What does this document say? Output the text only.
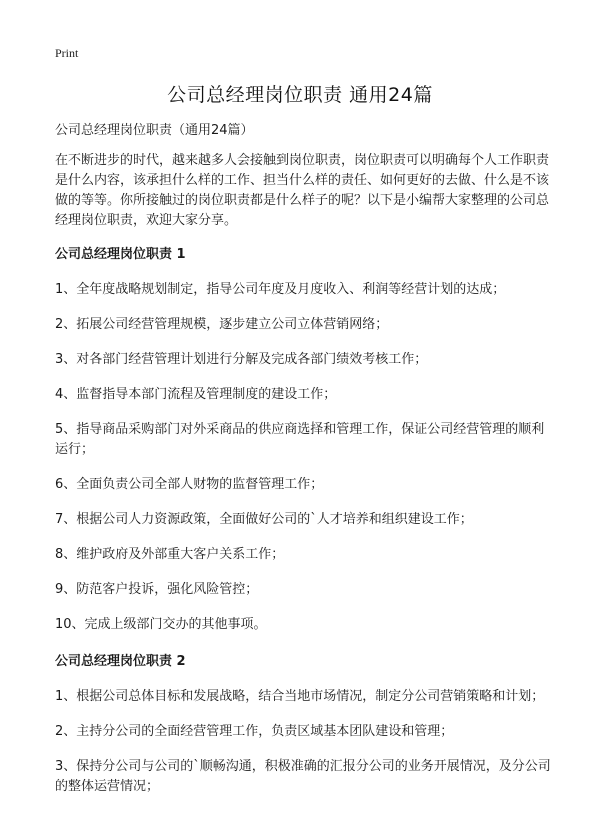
Print
公司总经理岗位职责 通用24篇

公司总经理岗位职责（通用24篇）

在不断进步的时代，越来越多人会接触到岗位职责，岗位职责可以明确每个人工作职责是什么内容，该承担什么样的工作、担当什么样的责任、如何更好的去做、什么是不该做的等等。你所接触过的岗位职责都是什么样子的呢？以下是小编帮大家整理的公司总经理岗位职责，欢迎大家分享。

公司总经理岗位职责 1

1、全年度战略规划制定，指导公司年度及月度收入、利润等经营计划的达成；

2、拓展公司经营管理规模，逐步建立公司立体营销网络；

3、对各部门经营管理计划进行分解及完成各部门绩效考核工作；

4、监督指导本部门流程及管理制度的建设工作；

5、指导商品采购部门对外采商品的供应商选择和管理工作，保证公司经营管理的顺利运行；

6、全面负责公司全部人财物的监督管理工作；

7、根据公司人力资源政策，全面做好公司的`人才培养和组织建设工作；

8、维护政府及外部重大客户关系工作；

9、防范客户投诉，强化风险管控；

10、完成上级部门交办的其他事项。

公司总经理岗位职责 2

1、根据公司总体目标和发展战略，结合当地市场情况，制定分公司营销策略和计划；

2、主持分公司的全面经营管理工作，负责区域基本团队建设和管理；

3、保持分公司与公司的`顺畅沟通，积极准确的汇报分公司的业务开展情况，及分公司的整体运营情况；
